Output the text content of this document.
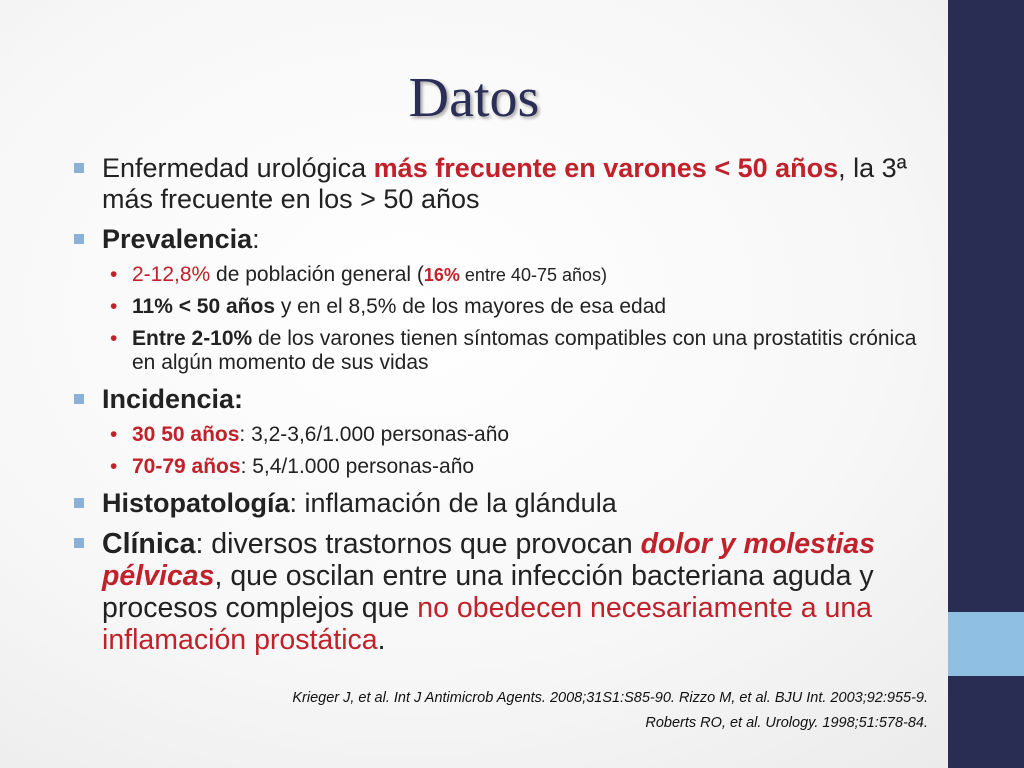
Datos
Enfermedad urológica más frecuente en varones < 50 años, la 3ª más frecuente en los > 50 años
Prevalencia:
• 2-12,8% de población general (16% entre 40-75 años)
• 11% < 50 años y en el 8,5% de los mayores de esa edad
• Entre 2-10% de los varones tienen síntomas compatibles con una prostatitis crónica en algún momento de sus vidas
Incidencia:
• 30 50 años: 3,2-3,6/1.000 personas-año
• 70-79 años: 5,4/1.000 personas-año
Histopatología: inflamación de la glándula
Clínica: diversos trastornos que provocan dolor y molestias pélvicas, que oscilan entre una infección bacteriana aguda y procesos complejos que no obedecen necesariamente a una inflamación prostática.
Krieger J, et al. Int J Antimicrob Agents. 2008;31S1:S85-90. Rizzo M, et al. BJU Int. 2003;92:955-9.
Roberts RO, et al. Urology. 1998;51:578-84.
